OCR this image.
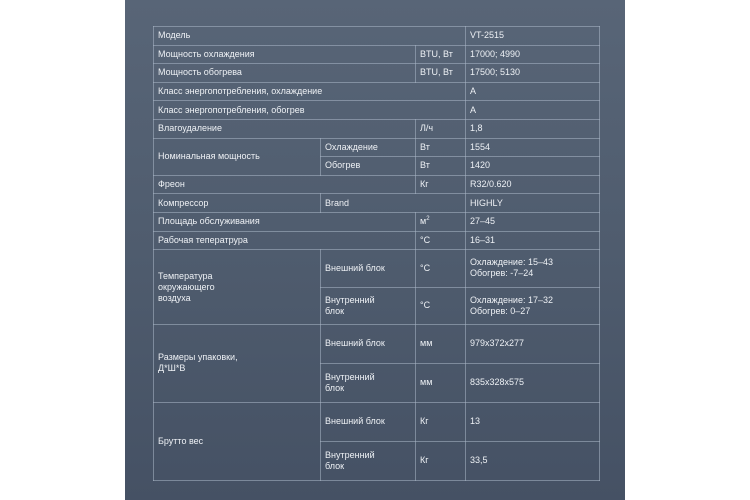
Модель			VT-2515
Мощность охлаждения		BTU, Вт	17000; 4990
Мощность обогрева		BTU, Вт	17500; 5130
Класс энергопотребления, охлаждение			A
Класс энергопотребления, обогрев			A
Влагоудаление		Л/ч	1,8
Номинальная мощность	Охлаждение	Вт	1554
	Обогрев	Вт	1420
Фреон		Кг	R32/0.620
Компрессор	Brand		HIGHLY
Площадь обслуживания		$м^2$	27–45
Рабочая теператрура		°C	16–31
Температура окружающего воздуха	Внешний блок	°C	Охлаждение: 15–43 Обогрев: -7–24
	Внутренний блок	°C	Охлаждение: 17–32 Обогрев: 0–27
Размеры упаковки, Д*Ш*В	Внешний блок	мм	979x372x277
	Внутренний блок	мм	835x328x575
Брутто вес	Внешний блок	Кг	13
	Внутренний блок	Кг	33,5
